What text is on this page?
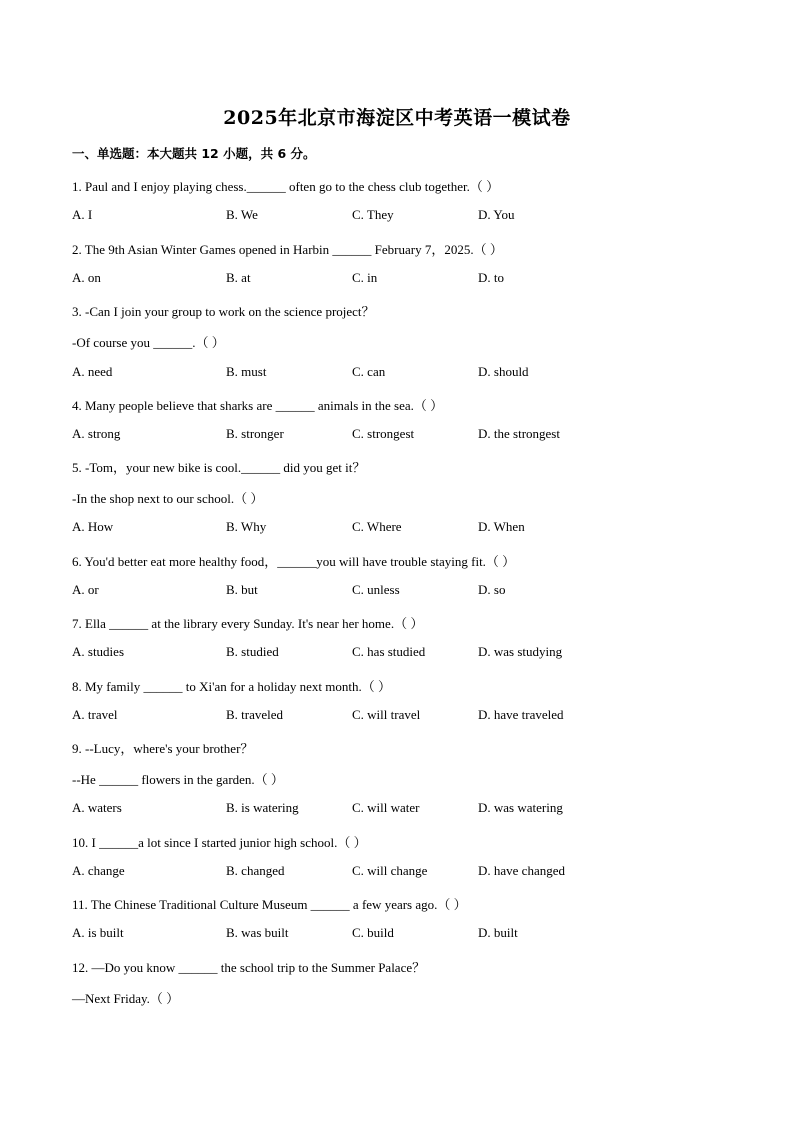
2025年北京市海淀区中考英语一模试卷
一、单选题：本大题共 12 小题，共 6 分。
1. Paul and I enjoy playing chess.______ often go to the chess club together.（ ）
A. I	B. We	C. They	D. You
2. The 9th Asian Winter Games opened in Harbin ______ February 7，2025.（ ）
A. on	B. at	C. in	D. to
3. -Can I join your group to work on the science project？
-Of course you ______.（ ）
A. need	B. must	C. can	D. should
4. Many people believe that sharks are ______ animals in the sea.（ ）
A. strong	B. stronger	C. strongest	D. the strongest
5. -Tom，your new bike is cool.______ did you get it？
-In the shop next to our school.（ ）
A. How	B. Why	C. Where	D. When
6. You'd better eat more healthy food，______you will have trouble staying fit.（ ）
A. or	B. but	C. unless	D. so
7. Ella ______ at the library every Sunday. It's near her home.（ ）
A. studies	B. studied	C. has studied	D. was studying
8. My family ______ to Xi'an for a holiday next month.（ ）
A. travel	B. traveled	C. will travel	D. have traveled
9. --Lucy，where's your brother？
--He ______ flowers in the garden.（ ）
A. waters	B. is watering	C. will water	D. was watering
10. I ______a lot since I started junior high school.（ ）
A. change	B. changed	C. will change	D. have changed
11. The Chinese Traditional Culture Museum ______ a few years ago.（ ）
A. is built	B. was built	C. build	D. built
12. —Do you know ______ the school trip to the Summer Palace？
—Next Friday.（ ）
